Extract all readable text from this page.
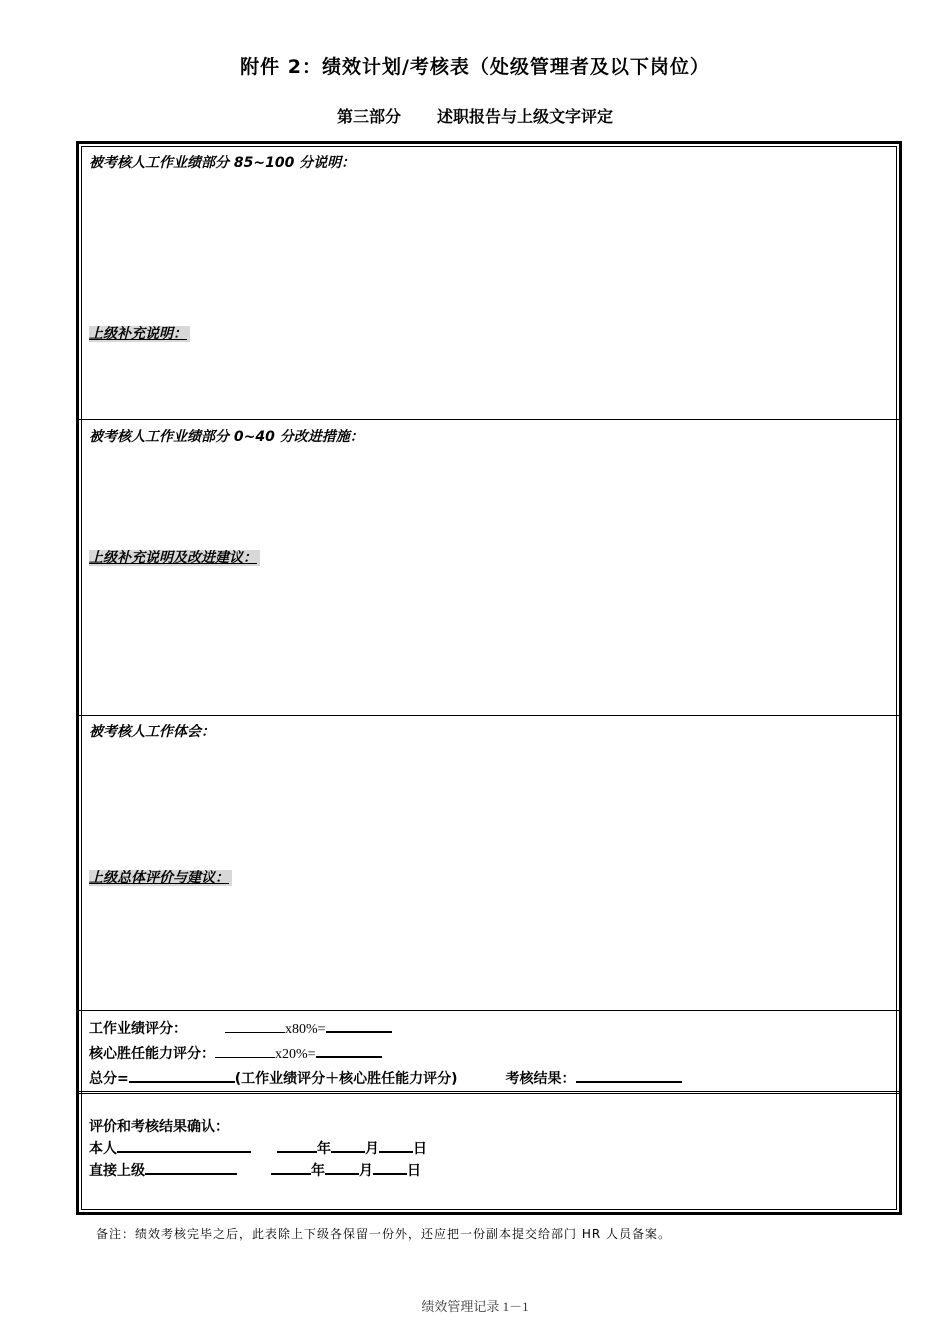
附件 2：绩效计划/考核表（处级管理者及以下岗位）
第三部分 述职报告与上级文字评定
被考核人工作业绩部分 85~100 分说明：
上级补充说明：
被考核人工作业绩部分 0~40 分改进措施：
上级补充说明及改进建议：
被考核人工作体会：
上级总体评价与建议：
工作业绩评分：	x80%=
核心胜任能力评分：	x20%=
总分=	(工作业绩评分＋核心胜任能力评分)	考核结果：
评价和考核结果确认：
本人	年 月 日
直接上级	年 月 日
备注：绩效考核完毕之后，此表除上下级各保留一份外，还应把一份副本提交给部门 HR 人员备案。
绩效管理记录 1－1
